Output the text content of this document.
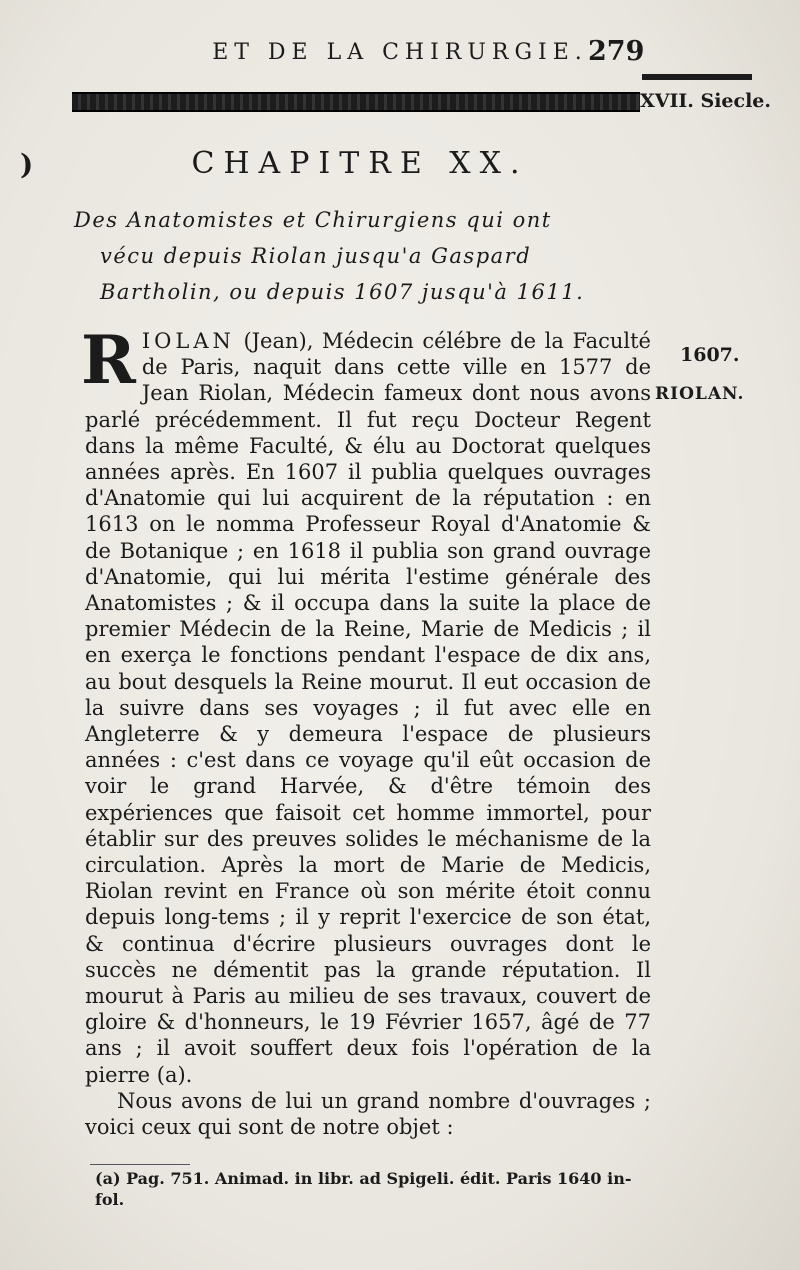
)
ET DE LA CHIRURGIE. 279
XVII. Siecle.
CHAPITRE XX.
Des Anatomistes et Chirurgiens qui ont
vécu depuis Riolan jusqu'a Gaspard
Bartholin, ou depuis 1607 jusqu'à 1611.
1607.
RIOLAN.

RIOLAN (Jean), Médecin célébre de la Faculté de Paris, naquit dans cette ville en 1577 de Jean Riolan, Médecin fameux dont nous avons parlé précédemment. Il fut reçu Docteur Regent dans la même Faculté, & élu au Doctorat quelques années après. En 1607 il publia quelques ouvrages d'Anatomie qui lui acquirent de la réputation : en 1613 on le nomma Professeur Royal d'Anatomie & de Botanique ; en 1618 il publia son grand ouvrage d'Anatomie, qui lui mérita l'estime générale des Anatomistes ; & il occupa dans la suite la place de premier Médecin de la Reine, Marie de Medicis ; il en exerça le fonctions pendant l'espace de dix ans, au bout desquels la Reine mourut. Il eut occasion de la suivre dans ses voyages ; il fut avec elle en Angleterre & y demeura l'espace de plusieurs années : c'est dans ce voyage qu'il eût occasion de voir le grand Harvée, & d'être témoin des expériences que faisoit cet homme immortel, pour établir sur des preuves solides le méchanisme de la circulation. Après la mort de Marie de Medicis, Riolan revint en France où son mérite étoit connu depuis long-tems ; il y reprit l'exercice de son état, & continua d'écrire plusieurs ouvrages dont le succès ne démentit pas la grande réputation. Il mourut à Paris au milieu de ses travaux, couvert de gloire & d'honneurs, le 19 Février 1657, âgé de 77 ans ; il avoit souffert deux fois l'opération de la pierre (a).

Nous avons de lui un grand nombre d'ouvrages ; voici ceux qui sont de notre objet :

(a) Pag. 751. Animad. in libr. ad Spigeli. édit. Paris 1640 in-fol.
